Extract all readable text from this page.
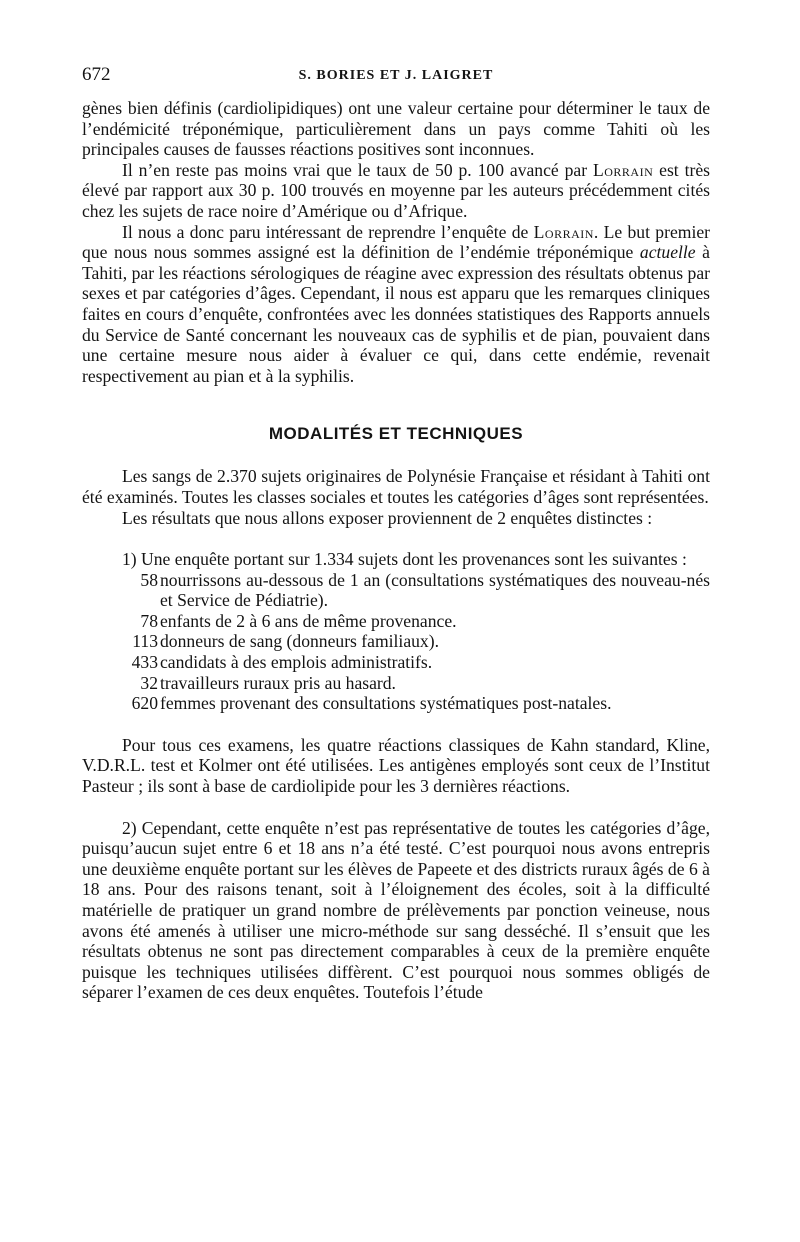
672	S. BORIES ET J. LAIGRET

gènes bien définis (cardiolipidiques) ont une valeur certaine pour déterminer le taux de l’endémicité tréponémique, particulièrement dans un pays comme Tahiti où les principales causes de fausses réactions positives sont inconnues.

Il n’en reste pas moins vrai que le taux de 50 p. 100 avancé par Lorrain est très élevé par rapport aux 30 p. 100 trouvés en moyenne par les auteurs précédemment cités chez les sujets de race noire d’Amérique ou d’Afrique.

Il nous a donc paru intéressant de reprendre l’enquête de Lorrain. Le but premier que nous nous sommes assigné est la définition de l’endémie tréponémique actuelle à Tahiti, par les réactions sérologiques de réagine avec expression des résultats obtenus par sexes et par catégories d’âges. Cependant, il nous est apparu que les remarques cliniques faites en cours d’enquête, confrontées avec les données statistiques des Rapports annuels du Service de Santé concernant les nouveaux cas de syphilis et de pian, pouvaient dans une certaine mesure nous aider à évaluer ce qui, dans cette endémie, revenait respectivement au pian et à la syphilis.

MODALITÉS ET TECHNIQUES

Les sangs de 2.370 sujets originaires de Polynésie Française et résidant à Tahiti ont été examinés. Toutes les classes sociales et toutes les catégories d’âges sont représentées.

Les résultats que nous allons exposer proviennent de 2 enquêtes distinctes :

1) Une enquête portant sur 1.334 sujets dont les provenances sont les suivantes :

58 nourrissons au-dessous de 1 an (consultations systématiques des nouveau-nés et Service de Pédiatrie).
78 enfants de 2 à 6 ans de même provenance.
113 donneurs de sang (donneurs familiaux).
433 candidats à des emplois administratifs.
32 travailleurs ruraux pris au hasard.
620 femmes provenant des consultations systématiques post-natales.

Pour tous ces examens, les quatre réactions classiques de Kahn standard, Kline, V.D.R.L. test et Kolmer ont été utilisées. Les antigènes employés sont ceux de l’Institut Pasteur ; ils sont à base de cardiolipide pour les 3 dernières réactions.

2) Cependant, cette enquête n’est pas représentative de toutes les catégories d’âge, puisqu’aucun sujet entre 6 et 18 ans n’a été testé. C’est pourquoi nous avons entrepris une deuxième enquête portant sur les élèves de Papeete et des districts ruraux âgés de 6 à 18 ans. Pour des raisons tenant, soit à l’éloignement des écoles, soit à la difficulté matérielle de pratiquer un grand nombre de prélèvements par ponction veineuse, nous avons été amenés à utiliser une micro-méthode sur sang desséché. Il s’ensuit que les résultats obtenus ne sont pas directement comparables à ceux de la première enquête puisque les techniques utilisées diffèrent. C’est pourquoi nous sommes obligés de séparer l’examen de ces deux enquêtes. Toutefois l’étude
